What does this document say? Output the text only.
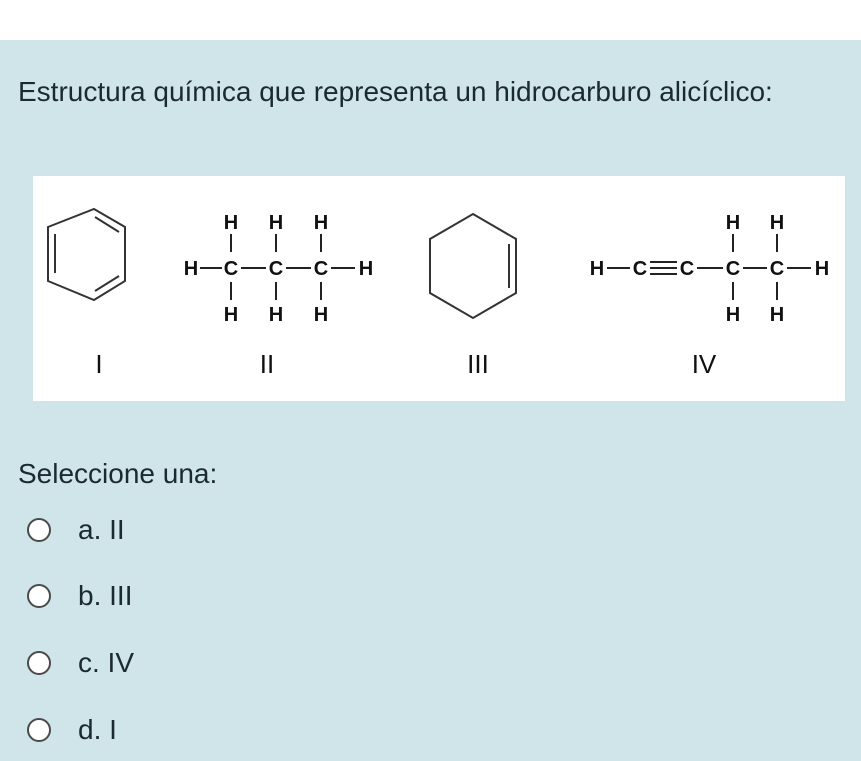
Estructura química que representa un hidrocarburo alicíclico:
H H H
H C C C H
H H H
H H
H C C C C H
H H
I	II	III	IV
Seleccione una:
a. II
b. III
c. IV
d. I
